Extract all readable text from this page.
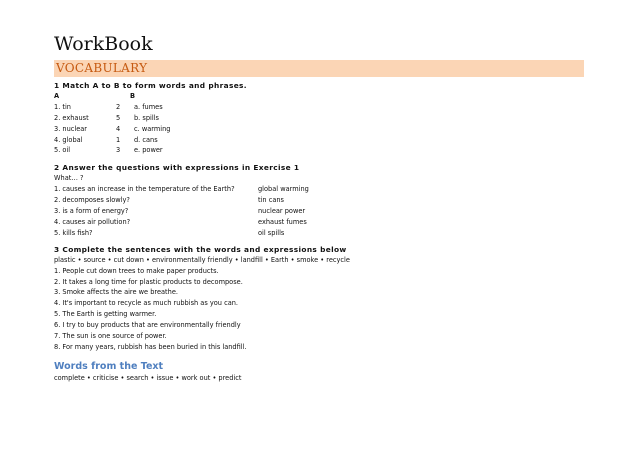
WorkBook
VOCABULARY
1 Match A to B to form words and phrases.
A	B
1. tin	2 a. fumes
2. exhaust	5 b. spills
3. nuclear	4 c. warming
4. global	1 d. cans
5. oil	3 e. power
2 Answer the questions with expressions in Exercise 1
What… ?
1. causes an increase in the temperature of the Earth?	global warming
2. decomposes slowly?	tin cans
3. is a form of energy?	nuclear power
4. causes air pollution?	exhaust fumes
5. kills fish?	oil spills
3 Complete the sentences with the words and expressions below
plastic • source • cut down • environmentally friendly • landfill • Earth • smoke • recycle
1. People cut down trees to make paper products.
2. It takes a long time for plastic products to decompose.
3. Smoke affects the aire we breathe.
4. It's important to recycle as much rubbish as you can.
5. The Earth is getting warmer.
6. I try to buy products that are environmentally friendly
7. The sun is one source of power.
8. For many years, rubbish has been buried in this landfill.
Words from the Text
complete • criticise • search • issue • work out • predict
